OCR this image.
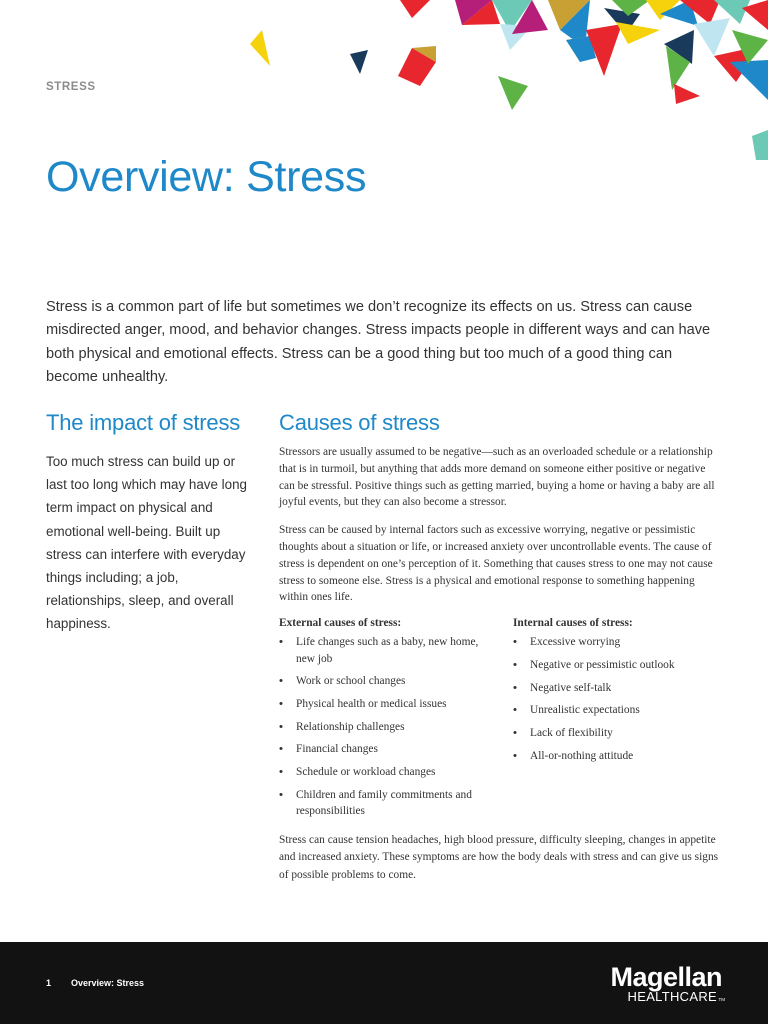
STRESS
Overview: Stress

Stress is a common part of life but sometimes we don’t recognize its effects on us. Stress can cause misdirected anger, mood, and behavior changes. Stress impacts people in different ways and can have both physical and emotional effects. Stress can be a good thing but too much of a good thing can become unhealthy.

The impact of stress

Too much stress can build up or last too long which may have long term impact on physical and emotional well-being. Built up stress can interfere with everyday things including; a job, relationships, sleep, and overall happiness.

Causes of stress

Stressors are usually assumed to be negative—such as an overloaded schedule or a relationship that is in turmoil, but anything that adds more demand on someone either positive or negative can be stressful. Positive things such as getting married, buying a home or having a baby are all joyful events, but they can also become a stressor.

Stress can be caused by internal factors such as excessive worrying, negative or pessimistic thoughts about a situation or life, or increased anxiety over uncontrollable events. The cause of stress is dependent on one’s perception of it. Something that causes stress to one may not cause stress to someone else. Stress is a physical and emotional response to something happening within ones life.

External causes of stress:
• Life changes such as a baby, new home, new job
• Work or school changes
• Physical health or medical issues
• Relationship challenges
• Financial changes
• Schedule or workload changes
• Children and family commitments and responsibilities
Internal causes of stress:
• Excessive worrying
• Negative or pessimistic outlook
• Negative self-talk
• Unrealistic expectations
• Lack of flexibility
• All-or-nothing attitude

Stress can cause tension headaches, high blood pressure, difficulty sleeping, changes in appetite and increased anxiety. These symptoms are how the body deals with stress and can give us signs of possible problems to come.

1 Overview: Stress	Magellan
HEALTHCARE TM
